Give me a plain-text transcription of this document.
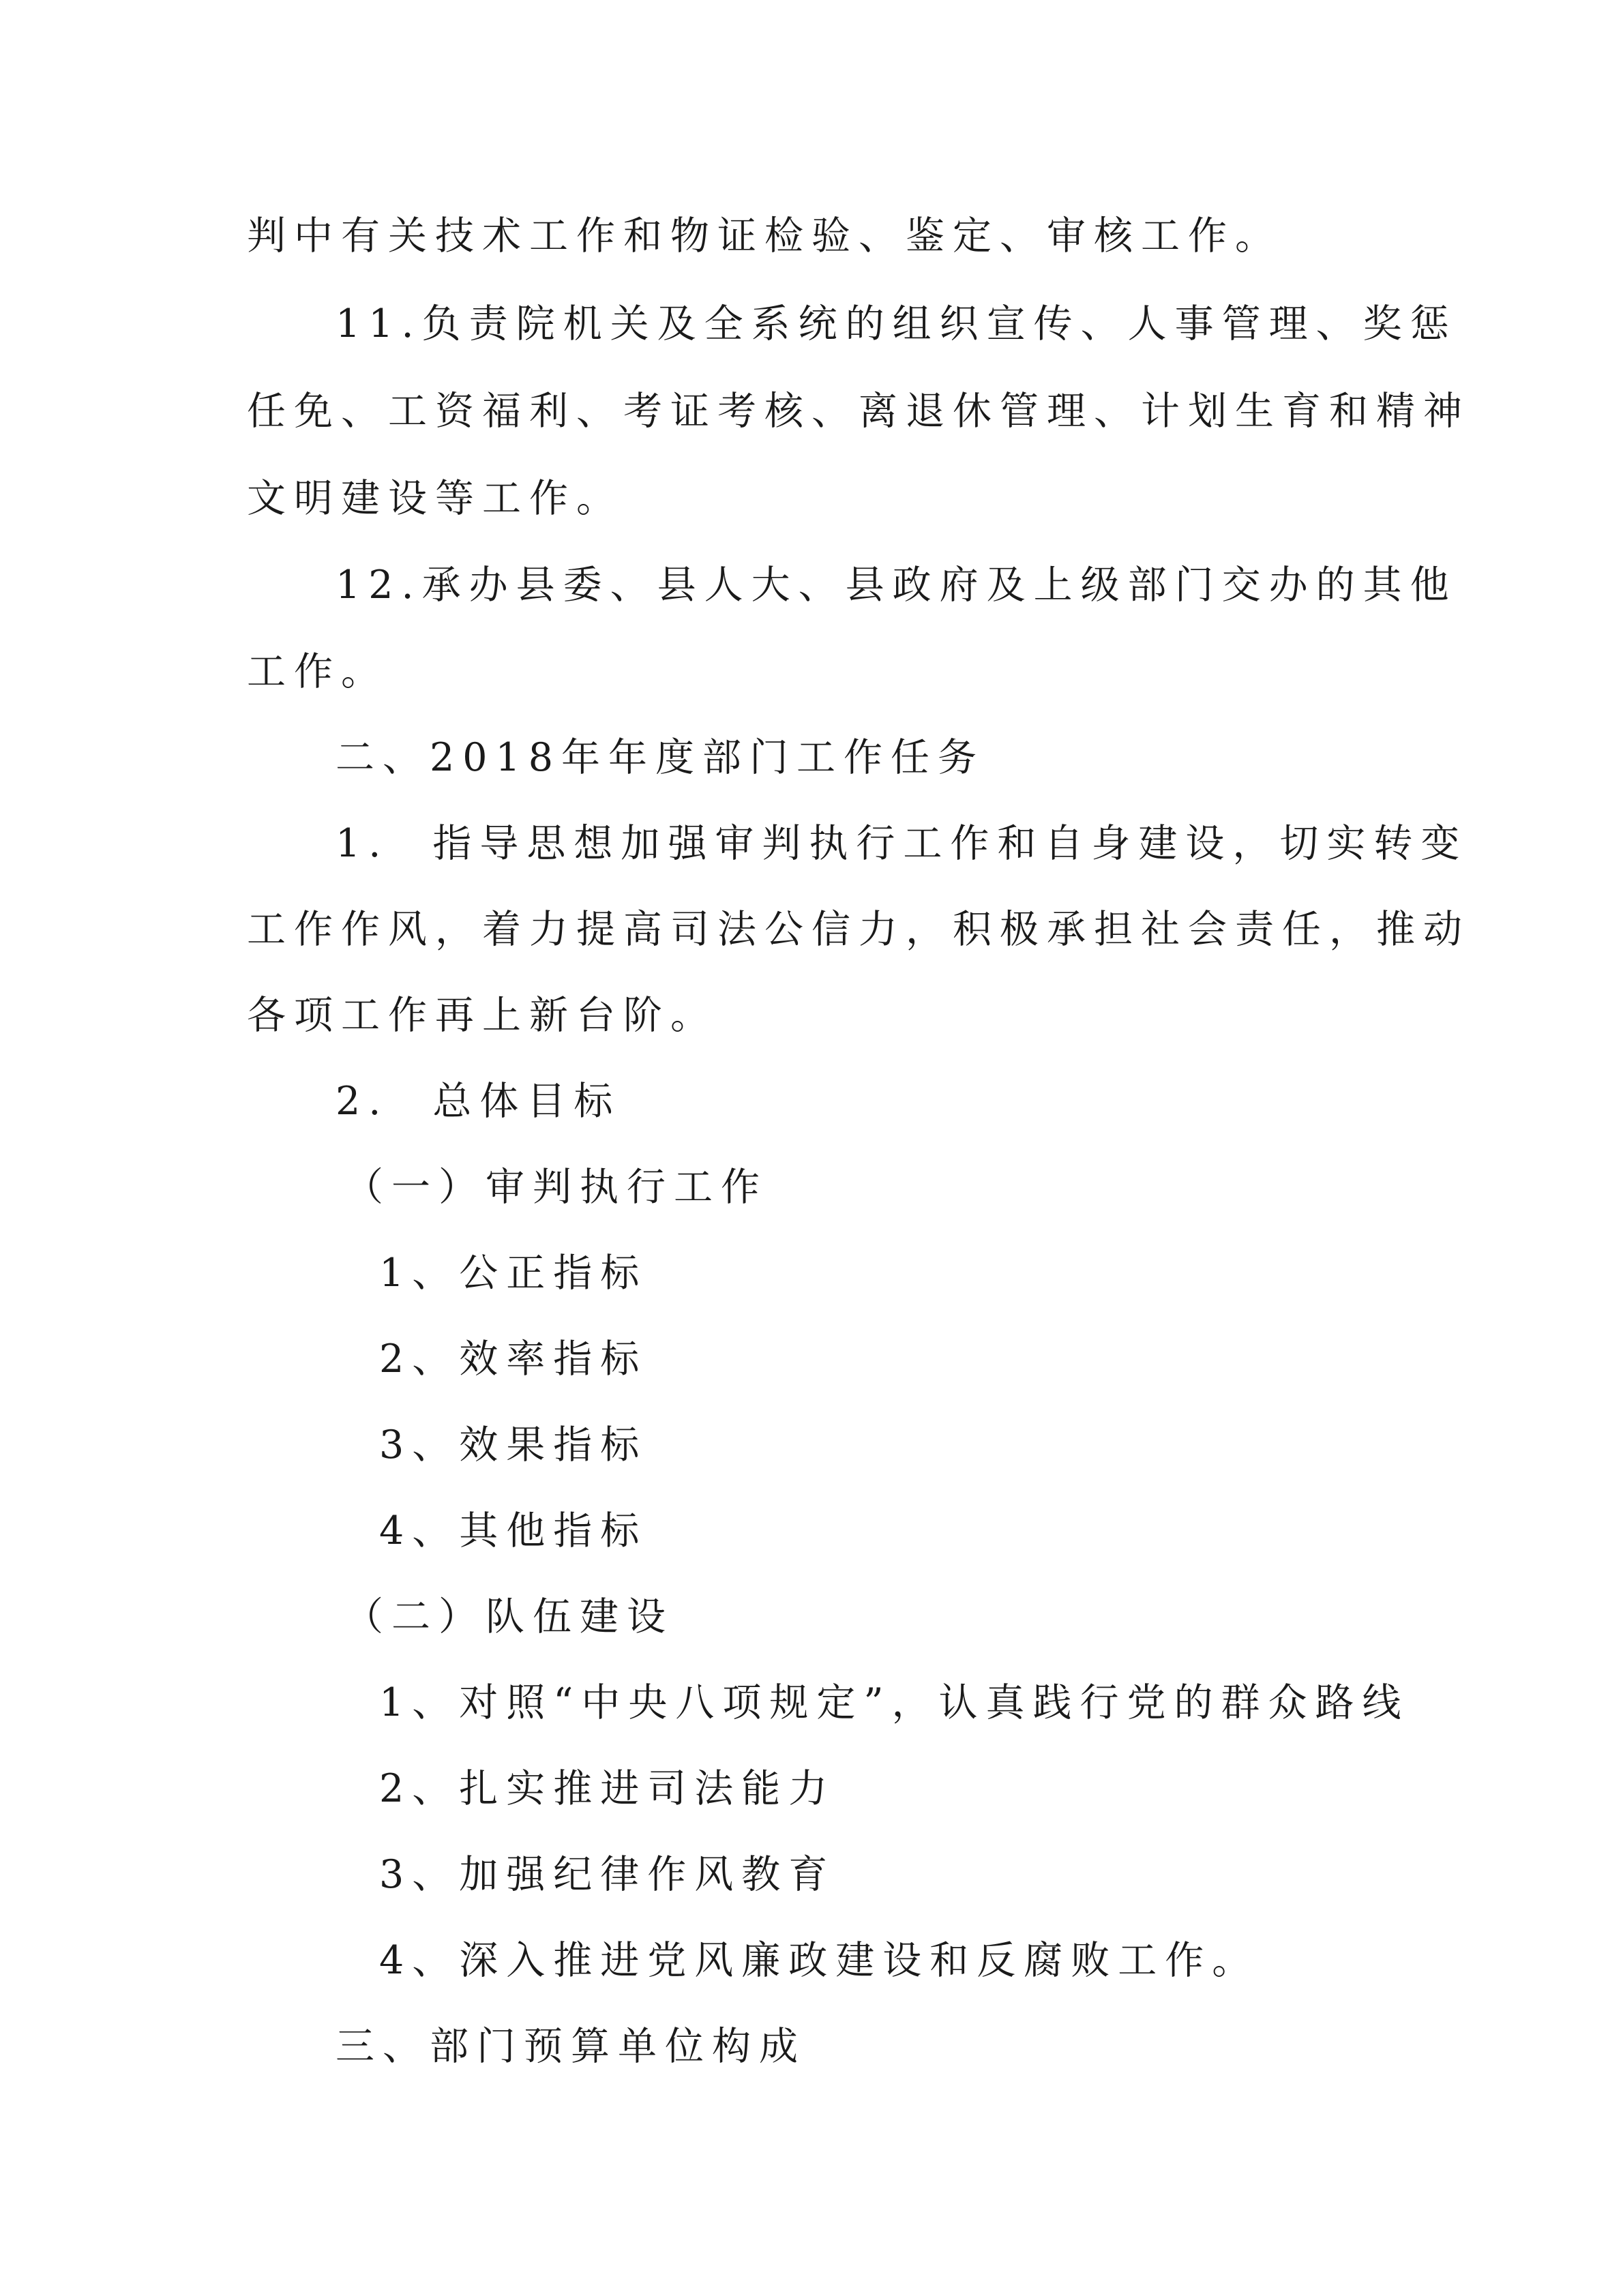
判中有关技术工作和物证检验、鉴定、审核工作。

11.负责院机关及全系统的组织宣传、人事管理、奖惩

任免、工资福利、考证考核、离退休管理、计划生育和精神

文明建设等工作。

12.承办县委、县人大、县政府及上级部门交办的其他

工作。

二、2018年年度部门工作任务

1. 指导思想加强审判执行工作和自身建设，切实转变

工作作风，着力提高司法公信力，积极承担社会责任，推动

各项工作再上新台阶。

2. 总体目标

（一）审判执行工作

1、公正指标

2、效率指标

3、效果指标

4、其他指标

（二）队伍建设

1、对照“中央八项规定”，认真践行党的群众路线

2、扎实推进司法能力

3、加强纪律作风教育

4、深入推进党风廉政建设和反腐败工作。

三、部门预算单位构成
